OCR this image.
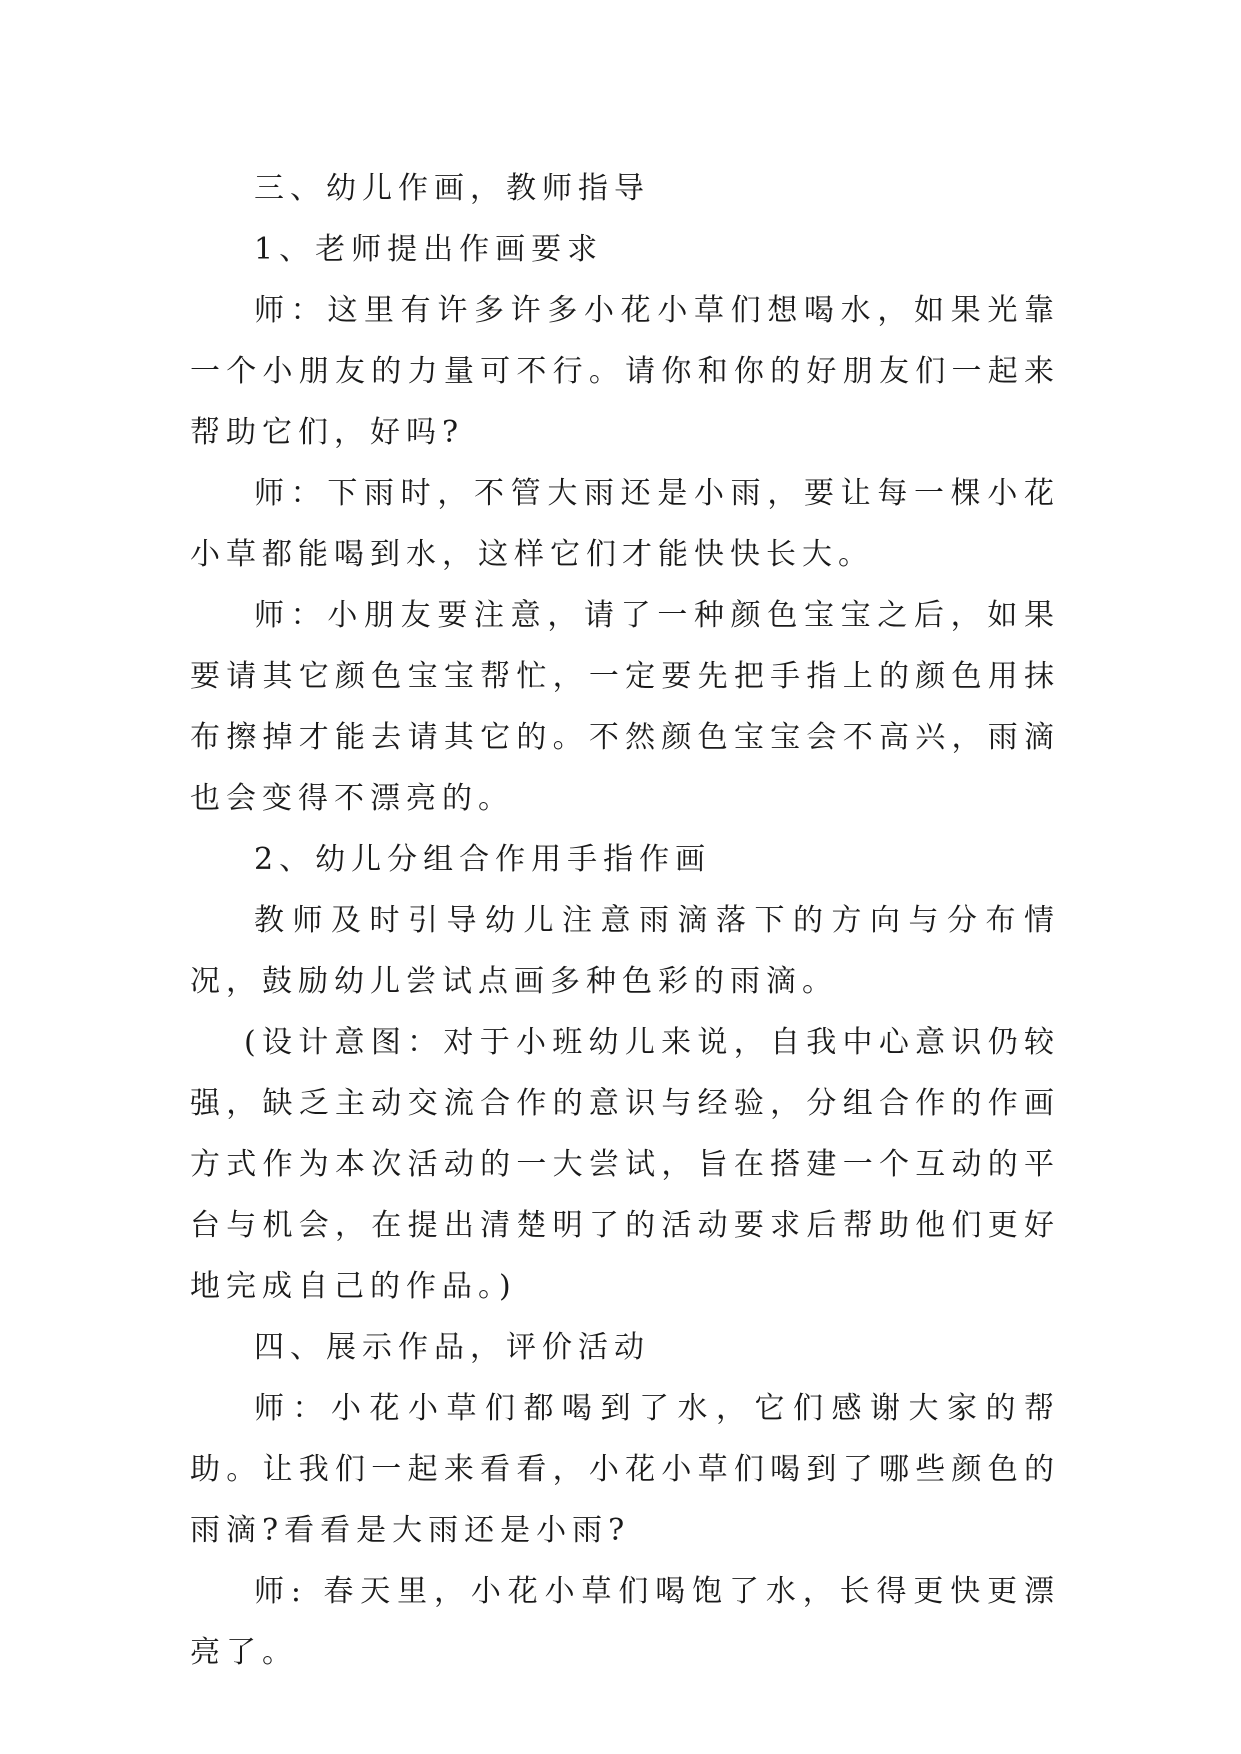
三、幼儿作画，教师指导

1、老师提出作画要求

师：这里有许多许多小花小草们想喝水，如果光靠一个小朋友的力量可不行。请你和你的好朋友们一起来帮助它们，好吗?

师：下雨时，不管大雨还是小雨，要让每一棵小花小草都能喝到水，这样它们才能快快长大。

师：小朋友要注意，请了一种颜色宝宝之后，如果要请其它颜色宝宝帮忙，一定要先把手指上的颜色用抹布擦掉才能去请其它的。不然颜色宝宝会不高兴，雨滴也会变得不漂亮的。

2、幼儿分组合作用手指作画

教师及时引导幼儿注意雨滴落下的方向与分布情况，鼓励幼儿尝试点画多种色彩的雨滴。

(设计意图：对于小班幼儿来说，自我中心意识仍较强，缺乏主动交流合作的意识与经验，分组合作的作画方式作为本次活动的一大尝试，旨在搭建一个互动的平台与机会，在提出清楚明了的活动要求后帮助他们更好地完成自己的作品。)

四、展示作品，评价活动

师：小花小草们都喝到了水，它们感谢大家的帮助。让我们一起来看看，小花小草们喝到了哪些颜色的雨滴?看看是大雨还是小雨?

师: 春天里，小花小草们喝饱了水，长得更快更漂亮了。
